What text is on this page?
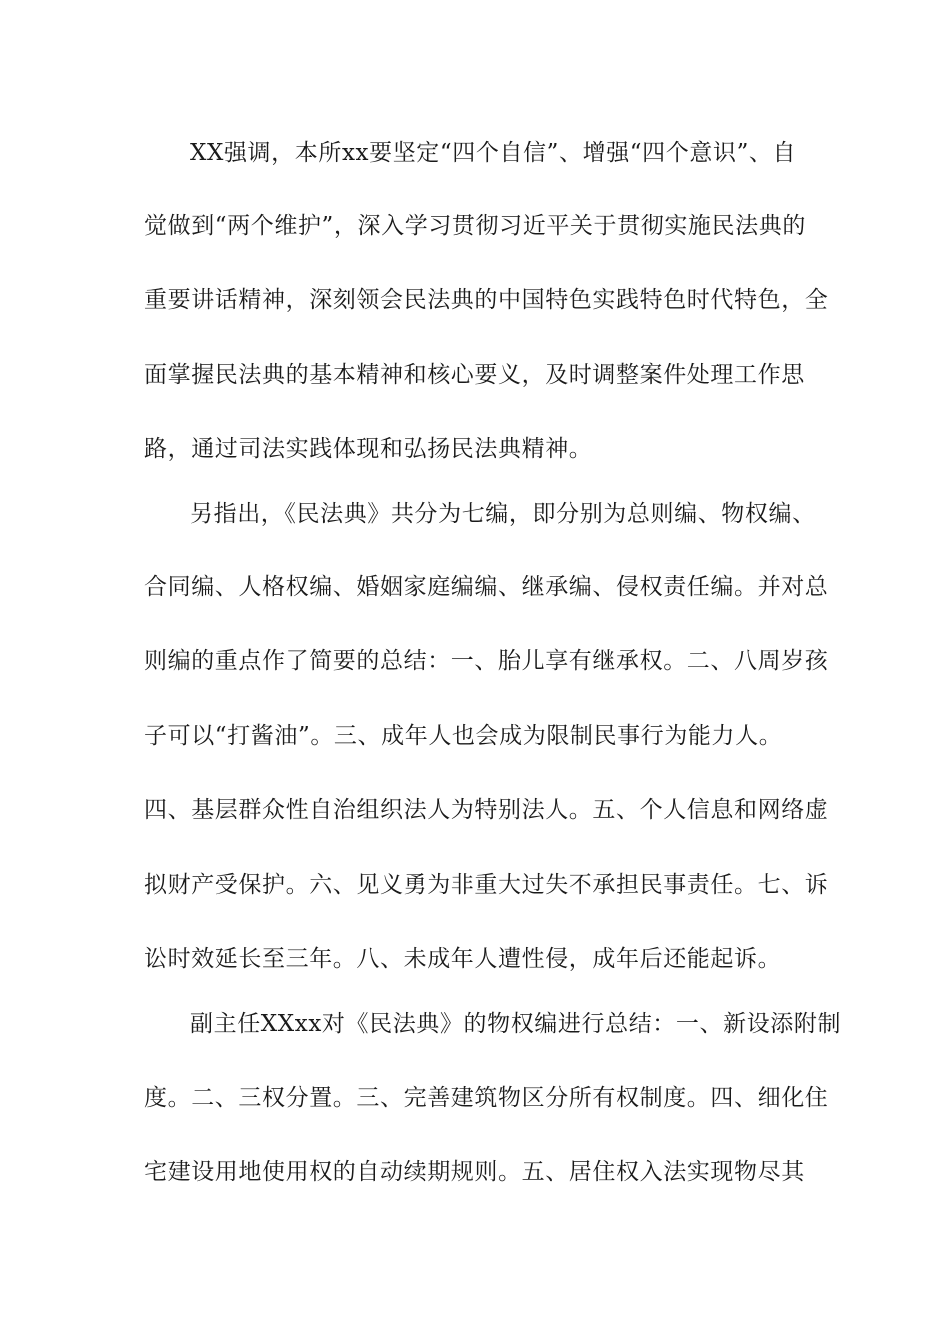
XX强调，本所xx要坚定“四个自信”、增强“四个意识”、自
觉做到“两个维护”，深入学习贯彻习近平关于贯彻实施民法典的
重要讲话精神，深刻领会民法典的中国特色实践特色时代特色，全
面掌握民法典的基本精神和核心要义，及时调整案件处理工作思
路，通过司法实践体现和弘扬民法典精神。
另指出，《民法典》共分为七编，即分别为总则编、物权编、
合同编、人格权编、婚姻家庭编编、继承编、侵权责任编。并对总
则编的重点作了简要的总结：一、胎儿享有继承权。二、八周岁孩
子可以“打酱油”。三、成年人也会成为限制民事行为能力人。
四、基层群众性自治组织法人为特别法人。五、个人信息和网络虚
拟财产受保护。六、见义勇为非重大过失不承担民事责任。七、诉
讼时效延长至三年。八、未成年人遭性侵，成年后还能起诉。
副主任XXxx对《民法典》的物权编进行总结：一、新设添附制
度。二、三权分置。三、完善建筑物区分所有权制度。四、细化住
宅建设用地使用权的自动续期规则。五、居住权入法实现物尽其
